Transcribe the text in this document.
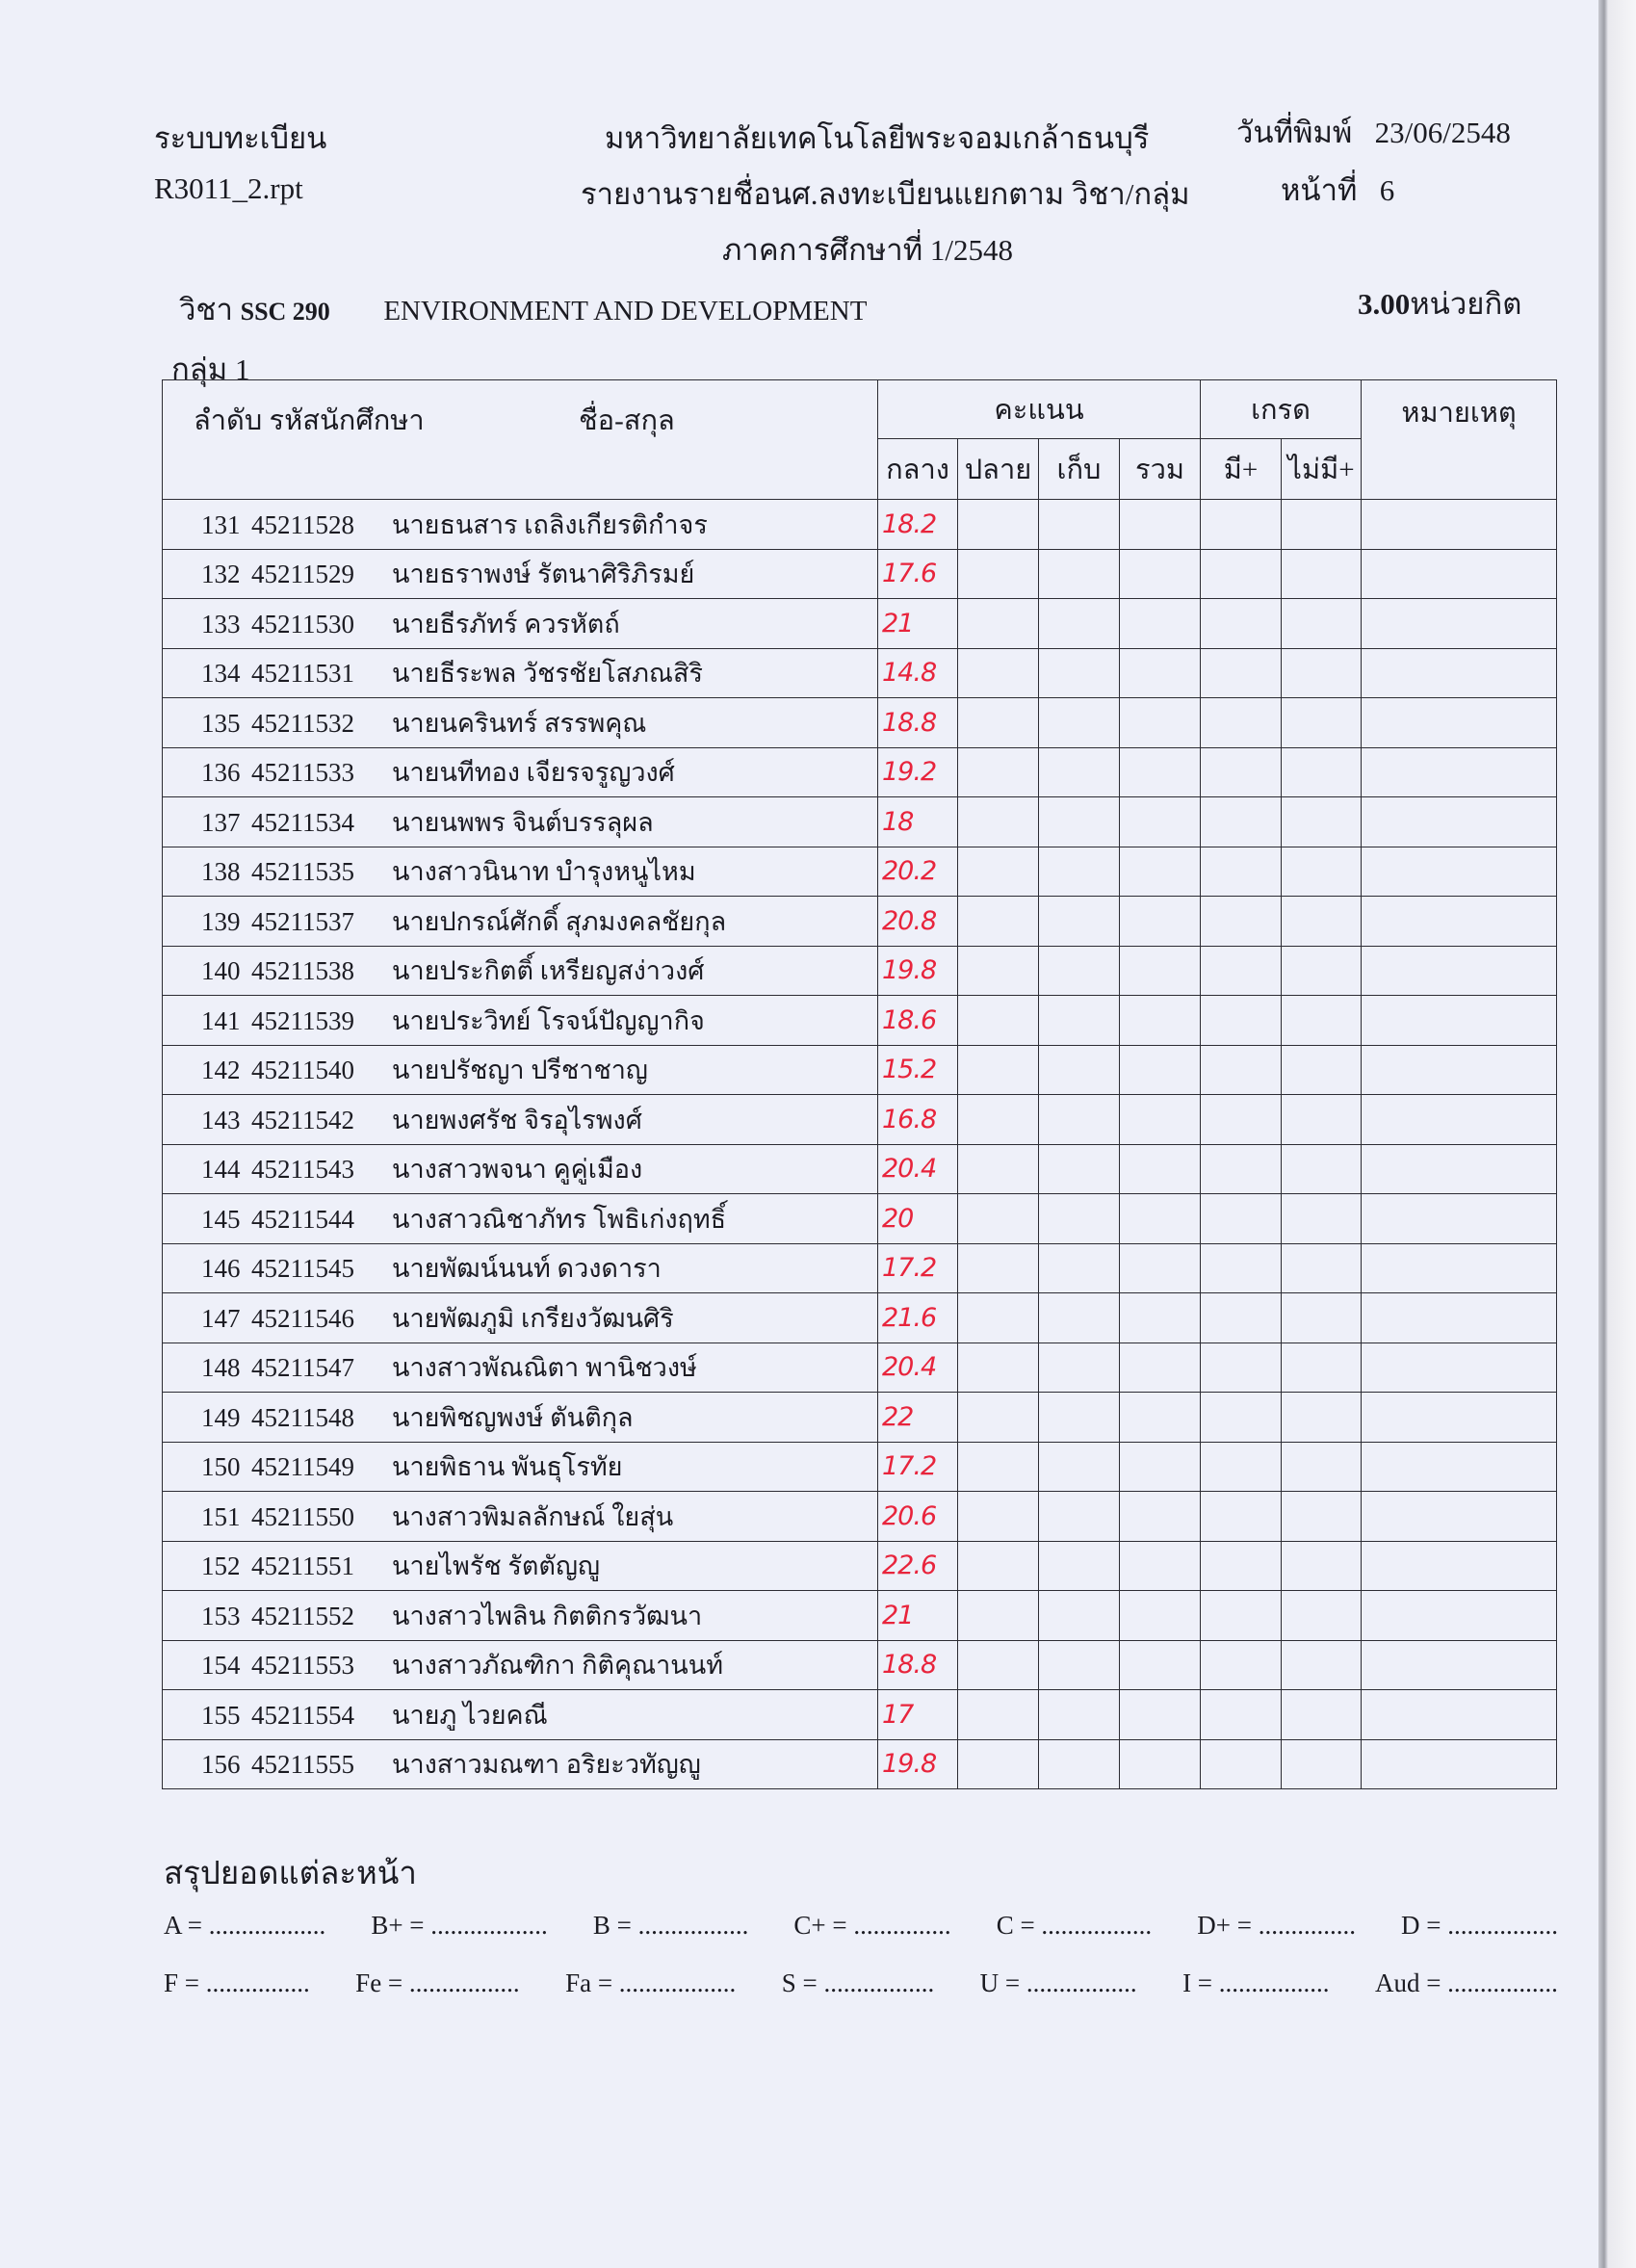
ระบบทะเบียน
R3011_2.rpt
มหาวิทยาลัยเทคโนโลยีพระจอมเกล้าธนบุรี
รายงานรายชื่อนศ.ลงทะเบียนแยกตาม วิชา/กลุ่ม
ภาคการศึกษาที่ 1/2548
วันที่พิมพ์ 23/06/2548
หน้าที่ 6
วิชา SSC 290 ENVIRONMENT AND DEVELOPMENT	3.00หน่วยกิต
กลุ่ม 1
ลำดับ รหัสนักศึกษา ชื่อ-สกุล	คะแนน				เกรด		หมายเหตุ
	กลาง	ปลาย	เก็บ	รวม	มี+	ไม่มี+	
131 45211528 นายธนสาร เถลิงเกียรติกำจร	18.2						
132 45211529 นายธราพงษ์ รัตนาศิริภิรมย์	17.6						
133 45211530 นายธีรภัทร์ ควรหัตถ์	21						
134 45211531 นายธีระพล วัชรชัยโสภณสิริ	14.8						
135 45211532 นายนครินทร์ สรรพคุณ	18.8						
136 45211533 นายนทีทอง เจียรจรูญวงศ์	19.2						
137 45211534 นายนพพร จินต์บรรลุผล	18						
138 45211535 นางสาวนินาท บำรุงหนูไหม	20.2						
139 45211537 นายปกรณ์ศักดิ์ สุภมงคลชัยกุล	20.8						
140 45211538 นายประกิตติ์ เหรียญสง่าวงศ์	19.8						
141 45211539 นายประวิทย์ โรจน์ปัญญากิจ	18.6						
142 45211540 นายปรัชญา ปรีชาชาญ	15.2						
143 45211542 นายพงศรัช จิรอุไรพงศ์	16.8						
144 45211543 นางสาวพจนา คูคู่เมือง	20.4						
145 45211544 นางสาวณิชาภัทร โพธิเก่งฤทธิ์	20						
146 45211545 นายพัฒน์นนท์ ดวงดารา	17.2						
147 45211546 นายพัฒภูมิ เกรียงวัฒนศิริ	21.6						
148 45211547 นางสาวพัณณิตา พานิชวงษ์	20.4						
149 45211548 นายพิชญพงษ์ ตันติกุล	22						
150 45211549 นายพิธาน พันธุโรทัย	17.2						
151 45211550 นางสาวพิมลลักษณ์ ใยสุ่น	20.6						
152 45211551 นายไพรัช รัตตัญญู	22.6						
153 45211552 นางสาวไพลิน กิตติกรวัฒนา	21						
154 45211553 นางสาวภัณฑิกา กิติคุณานนท์	18.8						
155 45211554 นายภู ไวยคณี	17						
156 45211555 นางสาวมณฑา อริยะวทัญญู	19.8						
สรุปยอดแต่ละหน้า
A = .................. B+ = .................. B = ................. C+ = ............... C = ................. D+ = ............... D = .................
F = ................ Fe = ................. Fa = .................. S = ................. U = ................. I = ................. Aud = .................
